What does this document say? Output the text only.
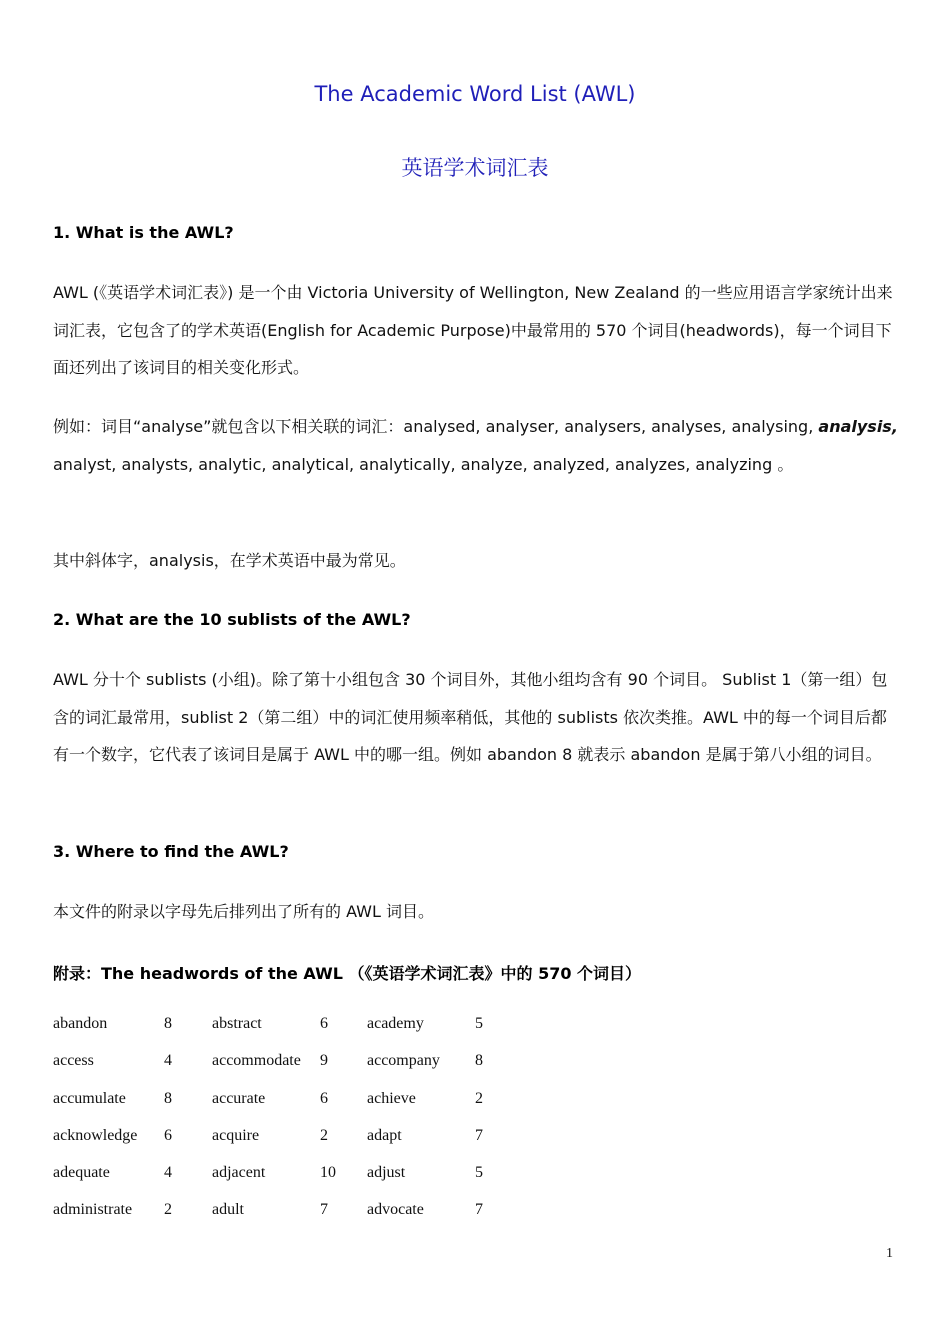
The Academic Word List (AWL)
英语学术词汇表
1. What is the AWL?
AWL (《英语学术词汇表》) 是一个由 Victoria University of Wellington, New Zealand 的一些应用语言学家统计出来词汇表，它包含了的学术英语(English for Academic Purpose)中最常用的 570 个词目(headwords)，每一个词目下面还列出了该词目的相关变化形式。
例如：词目“analyse”就包含以下相关联的词汇：analysed, analyser, analysers, analyses, analysing, analysis, analyst, analysts, analytic, analytical, analytically, analyze, analyzed, analyzes, analyzing 。
其中斜体字，analysis，在学术英语中最为常见。
2. What are the 10 sublists of the AWL?
AWL 分十个 sublists (小组)。除了第十小组包含 30 个词目外，其他小组均含有 90 个词目。 Sublist 1（第一组）包含的词汇最常用，sublist 2（第二组）中的词汇使用频率稍低，其他的 sublists 依次类推。AWL 中的每一个词目后都有一个数字，它代表了该词目是属于 AWL 中的哪一组。例如 abandon 8 就表示 abandon 是属于第八小组的词目。
3. Where to find the AWL?
本文件的附录以字母先后排列出了所有的 AWL 词目。
附录：The headwords of the AWL （《英语学术词汇表》中的 570 个词目）
abandon	8	abstract	6 academy	5
access	4	accommodate 9 accompany 8
accumulate 8	accurate	6 achieve	2
acknowledge 6	acquire	2 adapt	7
adequate	4	adjacent	10 adjust	5
administrate 2	adult	7 advocate	7
1
